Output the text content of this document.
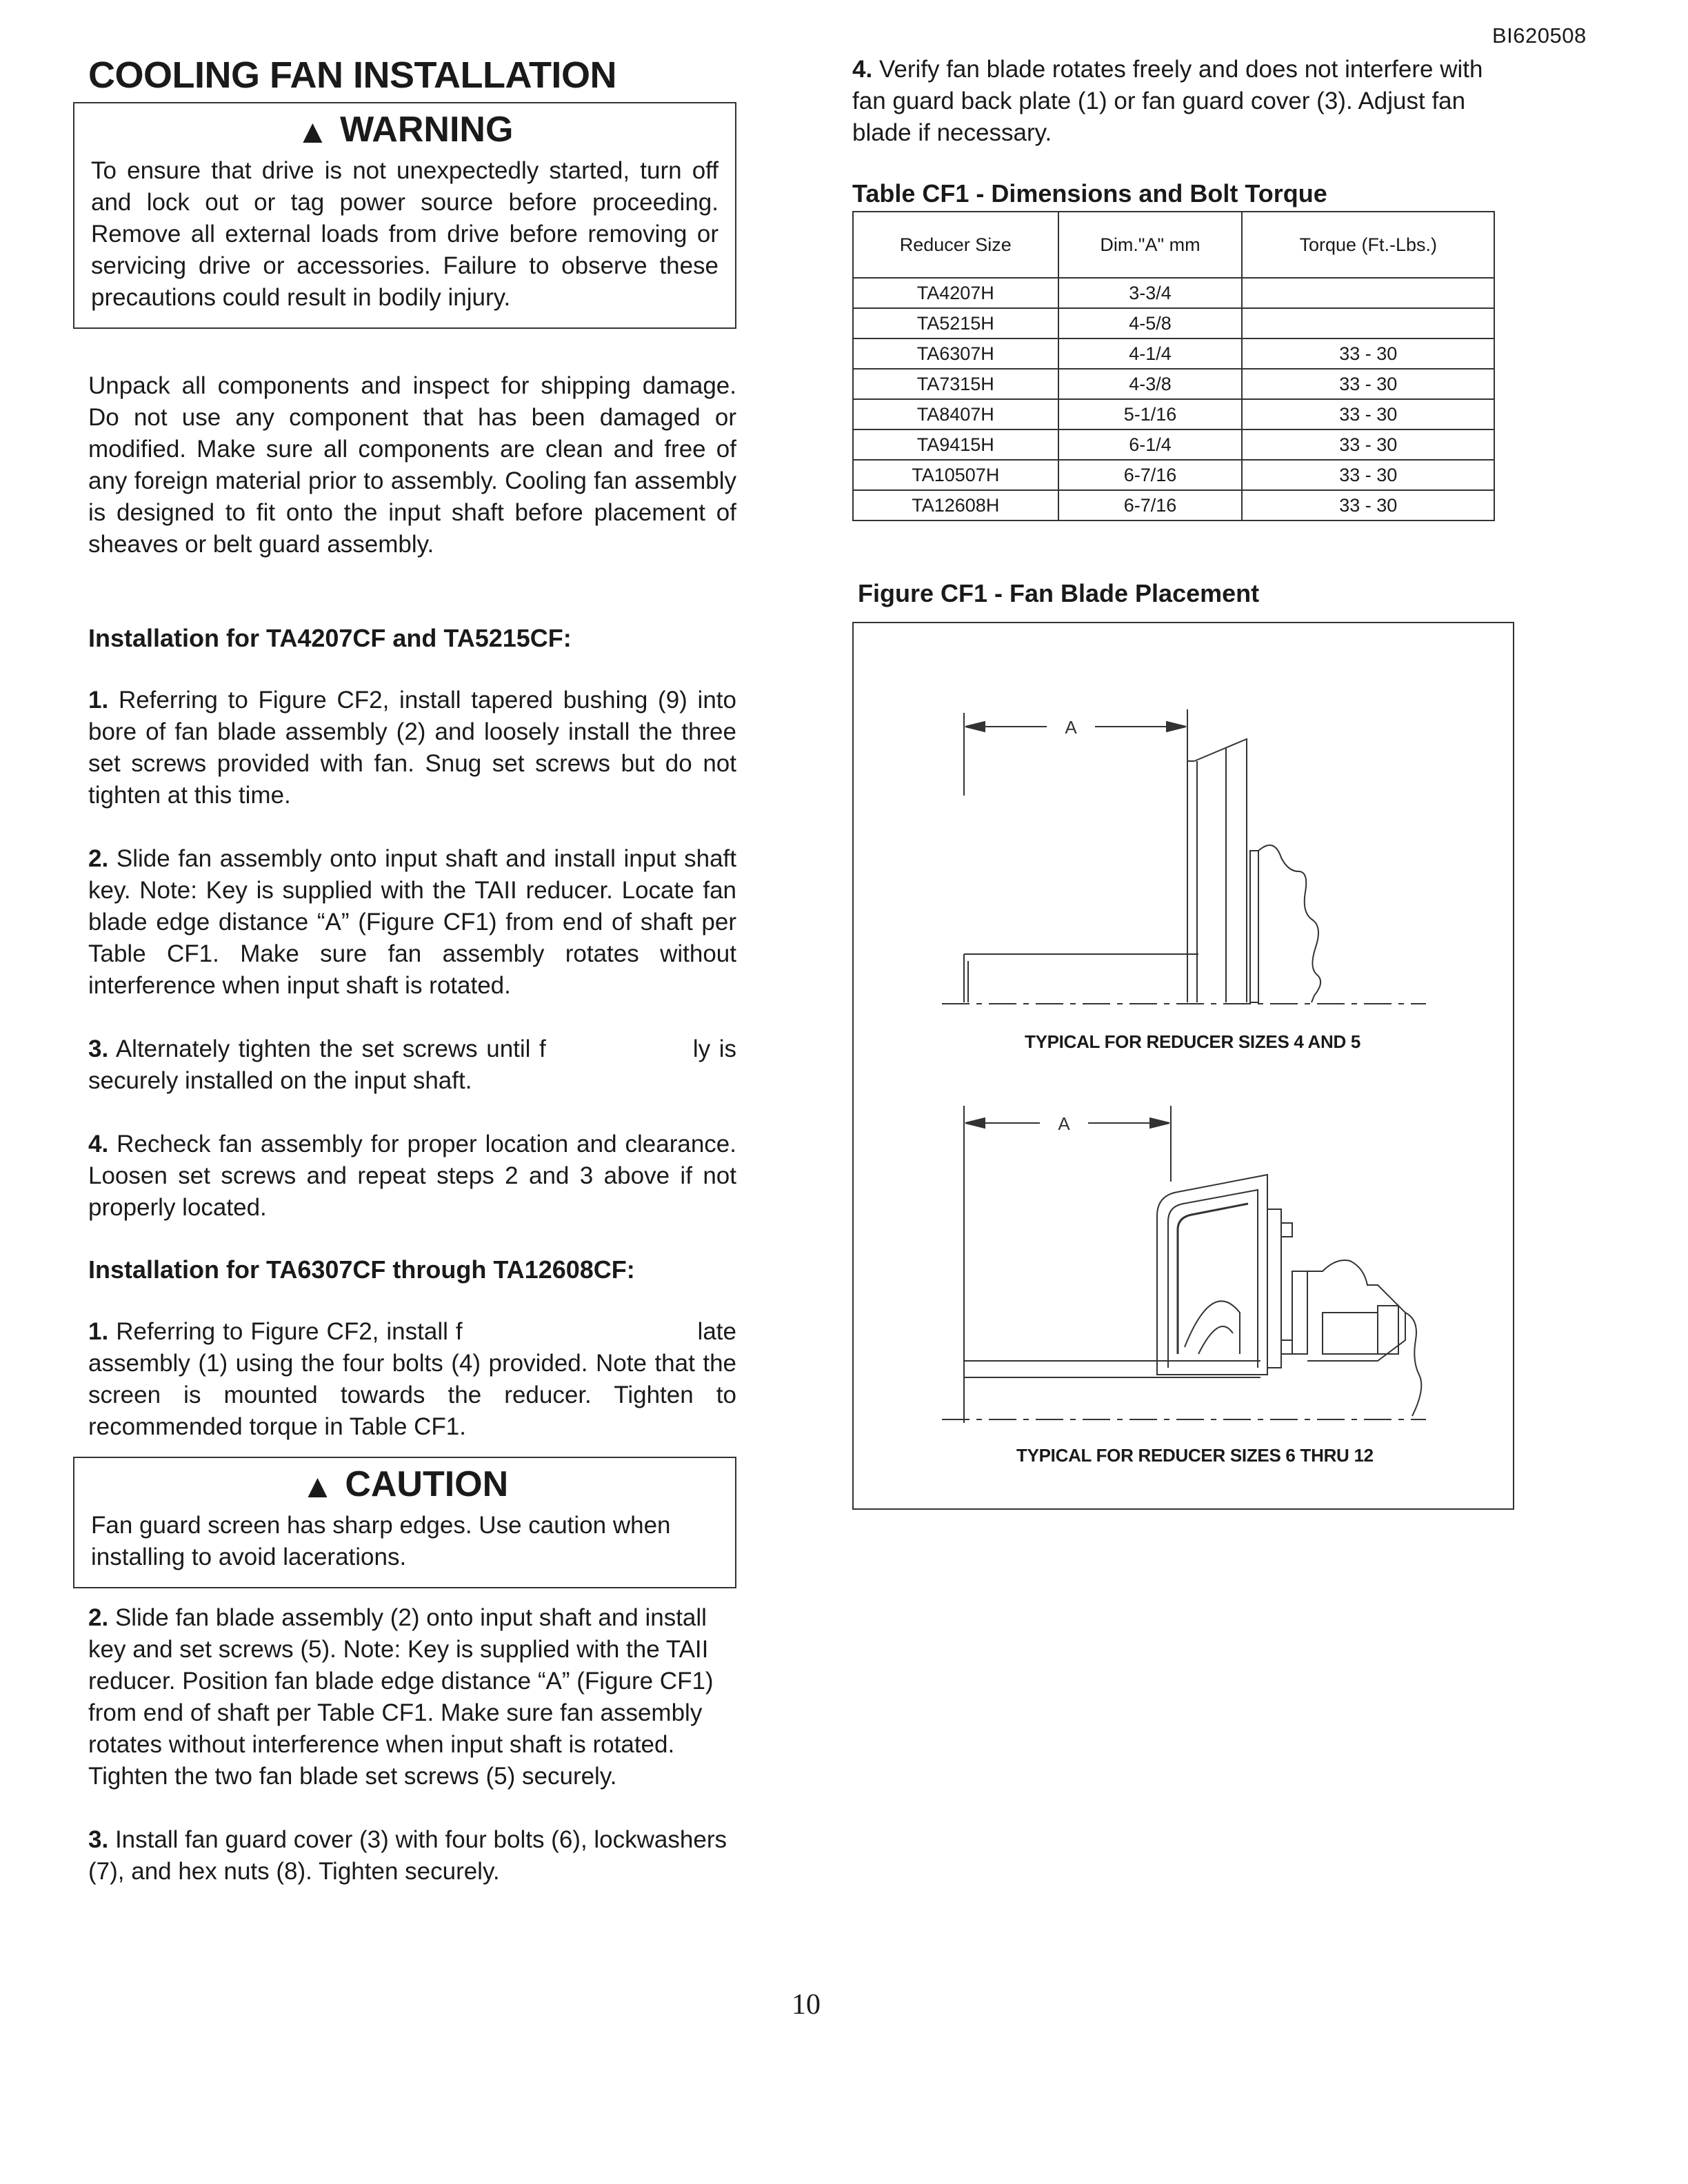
BI620508
COOLING FAN INSTALLATION
▲ WARNING

To ensure that drive is not unexpectedly started, turn off and lock out or tag power source before proceeding. Remove all external loads from drive before removing or servicing drive or accessories. Failure to observe these precautions could result in bodily injury.

Unpack all components and inspect for shipping damage. Do not use any component that has been damaged or modified. Make sure all components are clean and free of any foreign material prior to assembly. Cooling fan assembly is designed to fit onto the input shaft before placement of sheaves or belt guard assembly.

Installation for TA4207CF and TA5215CF:

1. Referring to Figure CF2, install tapered bushing (9) into bore of fan blade assembly (2) and loosely install the three set screws provided with fan. Snug set screws but do not tighten at this time.

2. Slide fan assembly onto input shaft and install input shaft key. Note: Key is supplied with the TAII reducer. Locate fan blade edge distance “A” (Figure CF1) from end of shaft per Table CF1. Make sure fan assembly rotates without interference when input shaft is rotated.

3. Alternately tighten the set screws until f                 ly is securely installed on the input shaft.

4. Recheck fan assembly for proper location and clearance. Loosen set screws and repeat steps 2 and 3 above if not properly located.

Installation for TA6307CF through TA12608CF:

1. Referring to Figure CF2, install f                               late assembly (1) using the four bolts (4) provided. Note that the screen is mounted towards the reducer. Tighten to recommended torque in Table CF1.

▲ CAUTION

Fan guard screen has sharp edges. Use caution when installing to avoid lacerations.

2. Slide fan blade assembly (2) onto input shaft and install key and set screws (5). Note: Key is supplied with the TAII reducer. Position fan blade edge distance “A” (Figure CF1) from end of shaft per Table CF1. Make sure fan assembly rotates without interference when input shaft is rotated. Tighten the two fan blade set screws (5) securely.

3. Install fan guard cover (3) with four bolts (6), lockwashers (7), and hex nuts (8). Tighten securely.

4. Verify fan blade rotates freely and does not interfere with fan guard back plate (1) or fan guard cover (3). Adjust fan blade if necessary.

Table CF1 - Dimensions and Bolt Torque
Reducer Size	Dim."A" mm	Torque (Ft.-Lbs.)
TA4207H	3-3/4	
TA5215H	4-5/8	
TA6307H	4-1/4	33 - 30
TA7315H	4-3/8	33 - 30
TA8407H	5-1/16	33 - 30
TA9415H	6-1/4	33 - 30
TA10507H	6-7/16	33 - 30
TA12608H	6-7/16	33 - 30
Figure CF1 - Fan Blade Placement
A
A
TYPICAL FOR REDUCER SIZES 4 AND 5
TYPICAL FOR REDUCER SIZES 6 THRU 12
10
